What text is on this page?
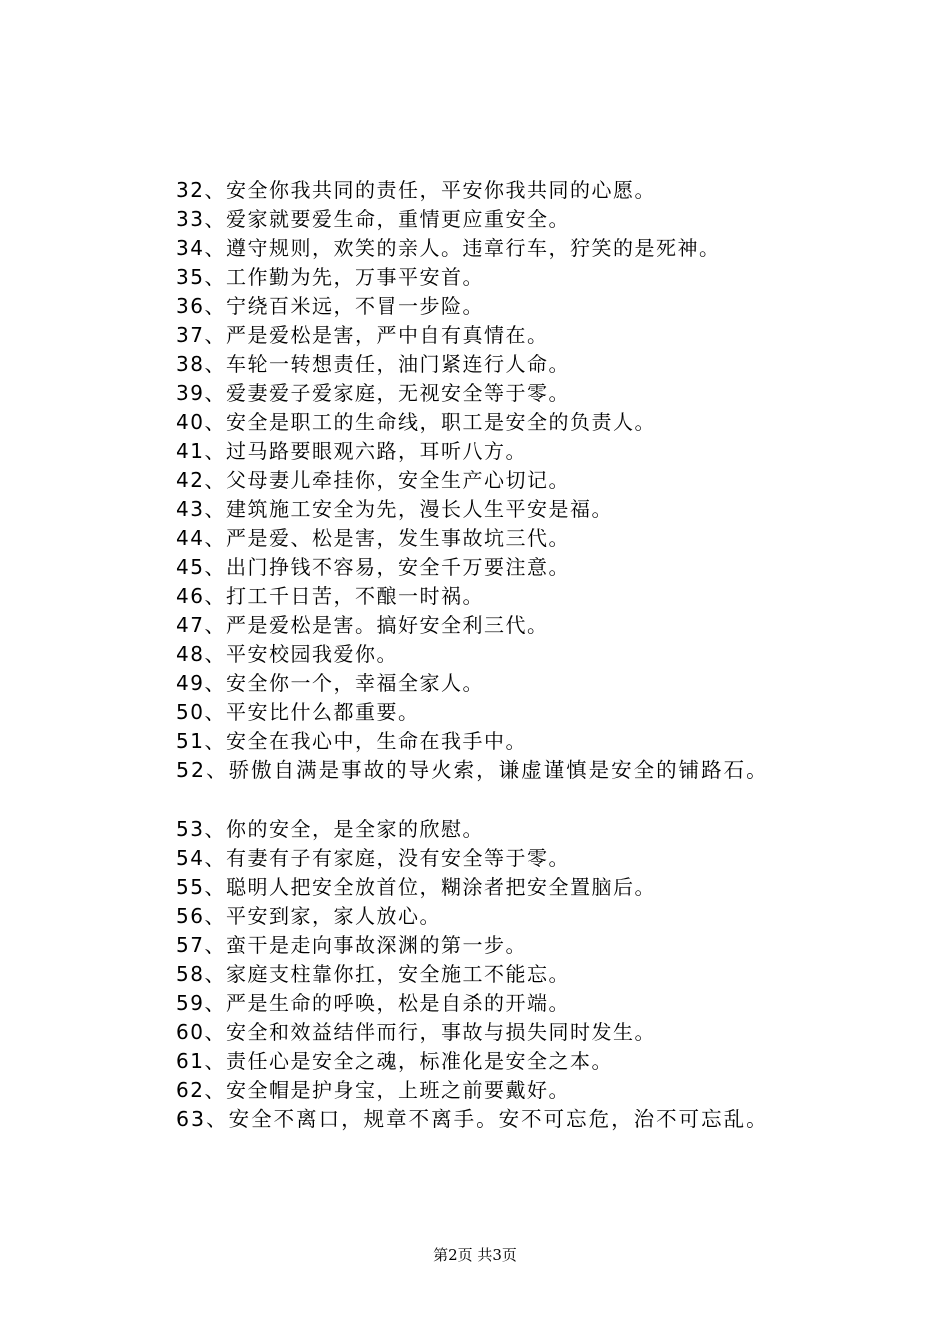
32、安全你我共同的责任，平安你我共同的心愿。
33、爱家就要爱生命，重情更应重安全。
34、遵守规则，欢笑的亲人。违章行车，狞笑的是死神。
35、工作勤为先，万事平安首。
36、宁绕百米远，不冒一步险。
37、严是爱松是害，严中自有真情在。
38、车轮一转想责任，油门紧连行人命。
39、爱妻爱子爱家庭，无视安全等于零。
40、安全是职工的生命线，职工是安全的负责人。
41、过马路要眼观六路，耳听八方。
42、父母妻儿牵挂你，安全生产心切记。
43、建筑施工安全为先，漫长人生平安是福。
44、严是爱、松是害，发生事故坑三代。
45、出门挣钱不容易，安全千万要注意。
46、打工千日苦，不酿一时祸。
47、严是爱松是害。搞好安全利三代。
48、平安校园我爱你。
49、安全你一个，幸福全家人。
50、平安比什么都重要。
51、安全在我心中，生命在我手中。
52、骄傲自满是事故的导火索，谦虚谨慎是安全的铺路石。
53、你的安全，是全家的欣慰。
54、有妻有子有家庭，没有安全等于零。
55、聪明人把安全放首位，糊涂者把安全置脑后。
56、平安到家，家人放心。
57、蛮干是走向事故深渊的第一步。
58、家庭支柱靠你扛，安全施工不能忘。
59、严是生命的呼唤，松是自杀的开端。
60、安全和效益结伴而行，事故与损失同时发生。
61、责任心是安全之魂，标准化是安全之本。
62、安全帽是护身宝，上班之前要戴好。
63、安全不离口，规章不离手。安不可忘危，治不可忘乱。
第2页 共3页
